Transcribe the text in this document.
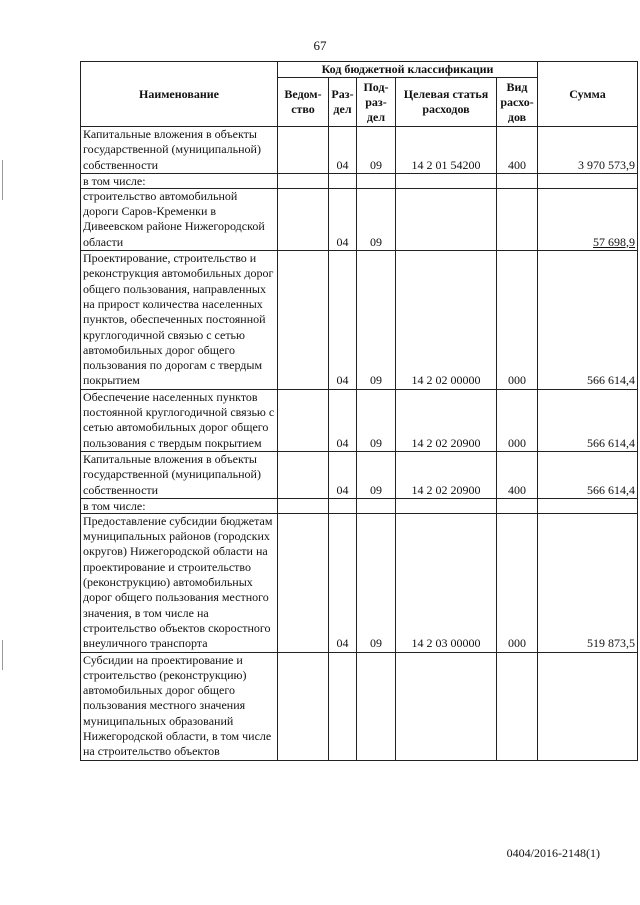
67
Наименование	Код бюджетной классификации					Сумма
	Ведом-ство	Раз-дел	Под-раз-дел	Целевая статья расходов	Вид расхо-дов	
Капитальные вложения в объекты государственной (муниципальной) собственности		04	09	14 2 01 54200	400	3 970 573,9
в том числе:						
строительство автомобильной дороги Саров-Кременки в Дивеевском районе Нижегородской области		04	09			57 698,9
Проектирование, строительство и реконструкция автомобильных дорог общего пользования, направленных на прирост количества населенных пунктов, обеспеченных постоянной круглогодичной связью с сетью автомобильных дорог общего пользования по дорогам с твердым покрытием		04	09	14 2 02 00000	000	566 614,4
Обеспечение населенных пунктов постоянной круглогодичной связью с сетью автомобильных дорог общего пользования с твердым покрытием		04	09	14 2 02 20900	000	566 614,4
Капитальные вложения в объекты государственной (муниципальной) собственности		04	09	14 2 02 20900	400	566 614,4
в том числе:						
Предоставление субсидии бюджетам муниципальных районов (городских округов) Нижегородской области на проектирование и строительство (реконструкцию) автомобильных дорог общего пользования местного значения, в том числе на строительство объектов скоростного внеуличного транспорта		04	09	14 2 03 00000	000	519 873,5
Субсидии на проектирование и строительство (реконструкцию) автомобильных дорог общего пользования местного значения муниципальных образований Нижегородской области, в том числе на строительство объектов						
0404/2016-2148(1)
